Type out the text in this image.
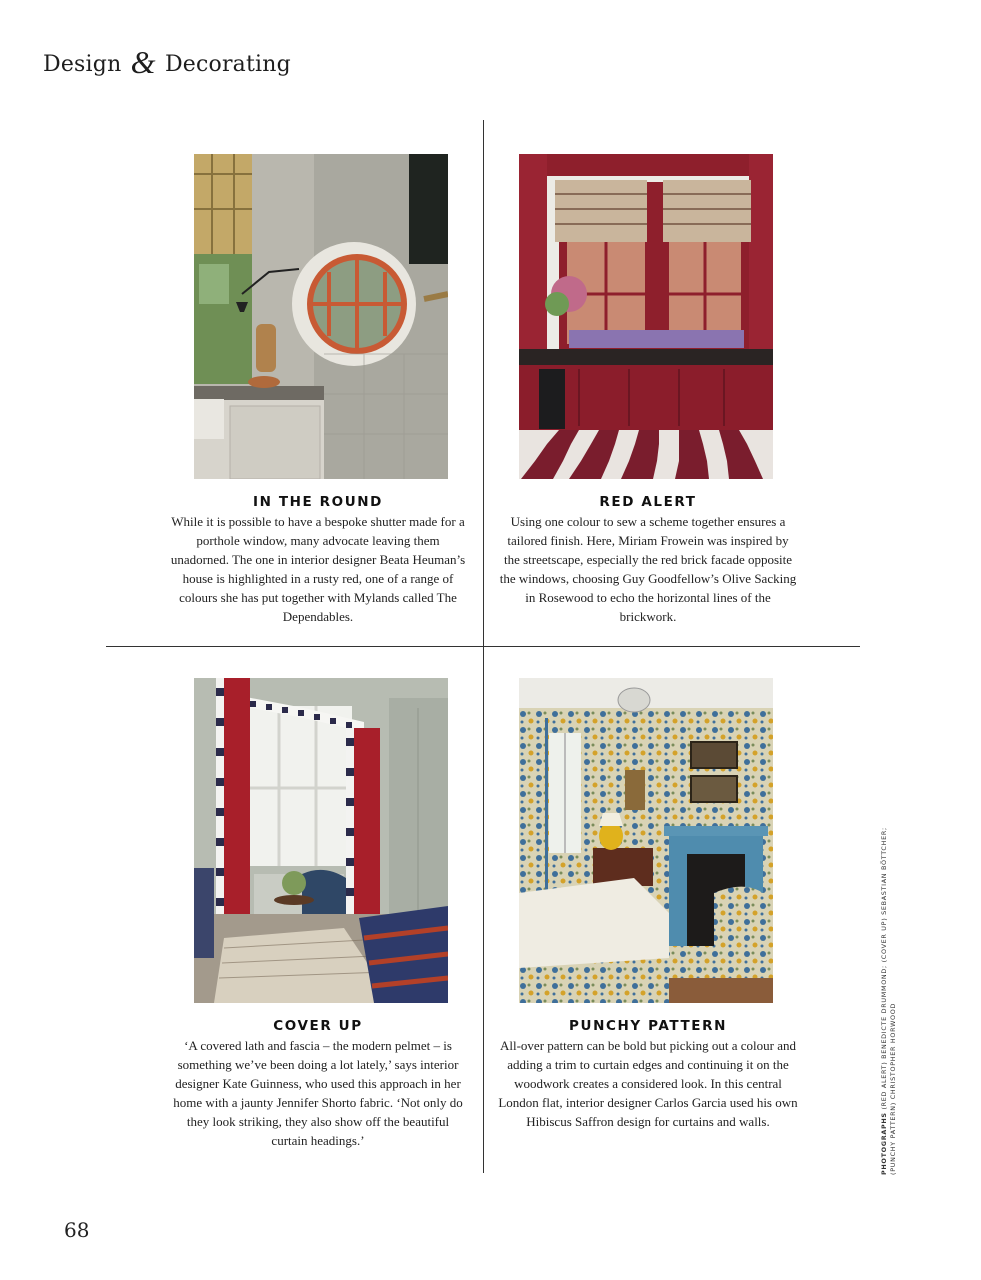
Design & Decorating
IN THE ROUND

While it is possible to have a bespoke shutter made for a porthole window, many advocate leaving them unadorned. The one in interior designer Beata Heuman’s house is highlighted in a rusty red, one of a range of colours she has put together with Mylands called The Dependables.

RED ALERT

Using one colour to sew a scheme together ensures a tailored finish. Here, Miriam Frowein was inspired by the streetscape, especially the red brick facade opposite the windows, choosing Guy Goodfellow’s Olive Sacking in Rosewood to echo the horizontal lines of the brickwork.

COVER UP

‘A covered lath and fascia – the modern pelmet – is something we’ve been doing a lot lately,’ says interior designer Kate Guinness, who used this approach in her home with a jaunty Jennifer Shorto fabric. ‘Not only do they look striking, they also show off the beautiful curtain headings.’

PUNCHY PATTERN

All-over pattern can be bold but picking out a colour and adding a trim to curtain edges and continuing it on the woodwork creates a considered look. In this central London flat, interior designer Carlos Garcia used his own Hibiscus Saffron design for curtains and walls.	PHOTOGRAPHS (RED ALERT) BENEDICTE DRUMMOND; (COVER UP) SEBASTIAN BÖTTCHER; (PUNCHY PATTERN) CHRISTOPHER HORWOOD
68
